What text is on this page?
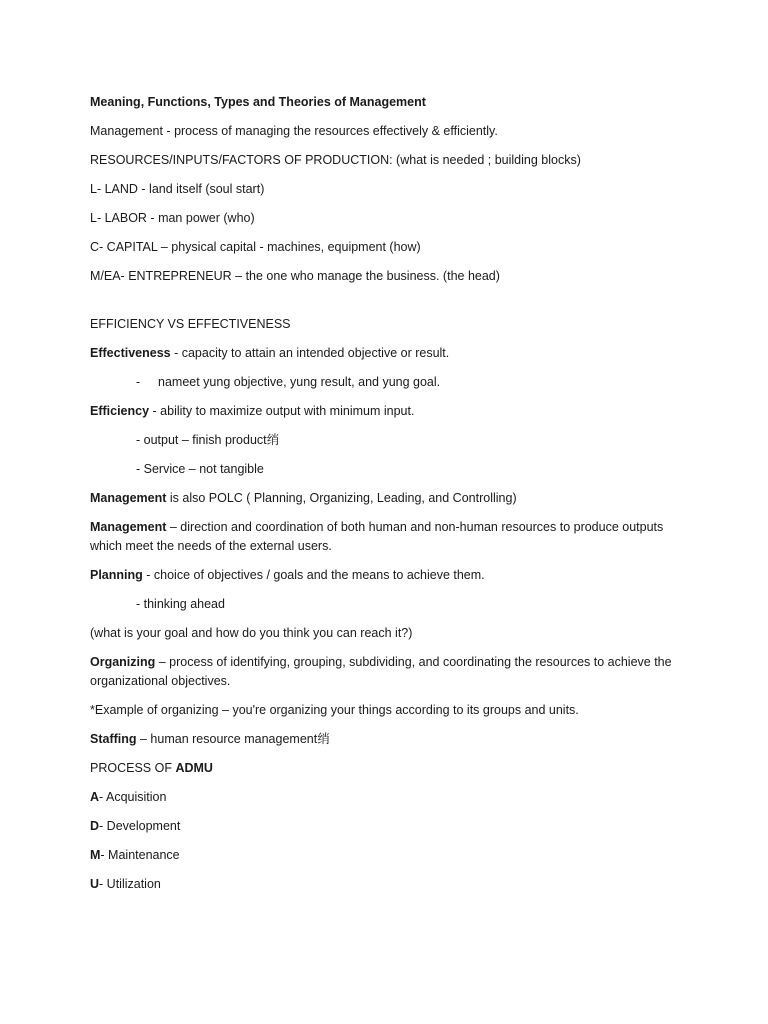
Meaning, Functions, Types and Theories of Management
Management - process of managing the resources effectively & efficiently.
RESOURCES/INPUTS/FACTORS OF PRODUCTION: (what is needed ; building blocks)
L- LAND - land itself (soul start)
L- LABOR - man power (who)
C- CAPITAL – physical capital - machines, equipment (how)
M/EA- ENTREPRENEUR – the one who manage the business. (the head)
EFFICIENCY VS EFFECTIVENESS
Effectiveness - capacity to attain an intended objective or result.
- nameet yung objective, yung result, and yung goal.
Efficiency - ability to maximize output with minimum input.
- output – finish product绡
- Service – not tangible
Management is also POLC ( Planning, Organizing, Leading, and Controlling)
Management – direction and coordination of both human and non-human resources to produce outputs which meet the needs of the external users.
Planning - choice of objectives / goals and the means to achieve them.
- thinking ahead
(what is your goal and how do you think you can reach it?)
Organizing – process of identifying, grouping, subdividing, and coordinating the resources to achieve the organizational objectives.
*Example of organizing – you're organizing your things according to its groups and units.
Staffing – human resource management绡
PROCESS OF ADMU
A- Acquisition
D- Development
M- Maintenance
U- Utilization
